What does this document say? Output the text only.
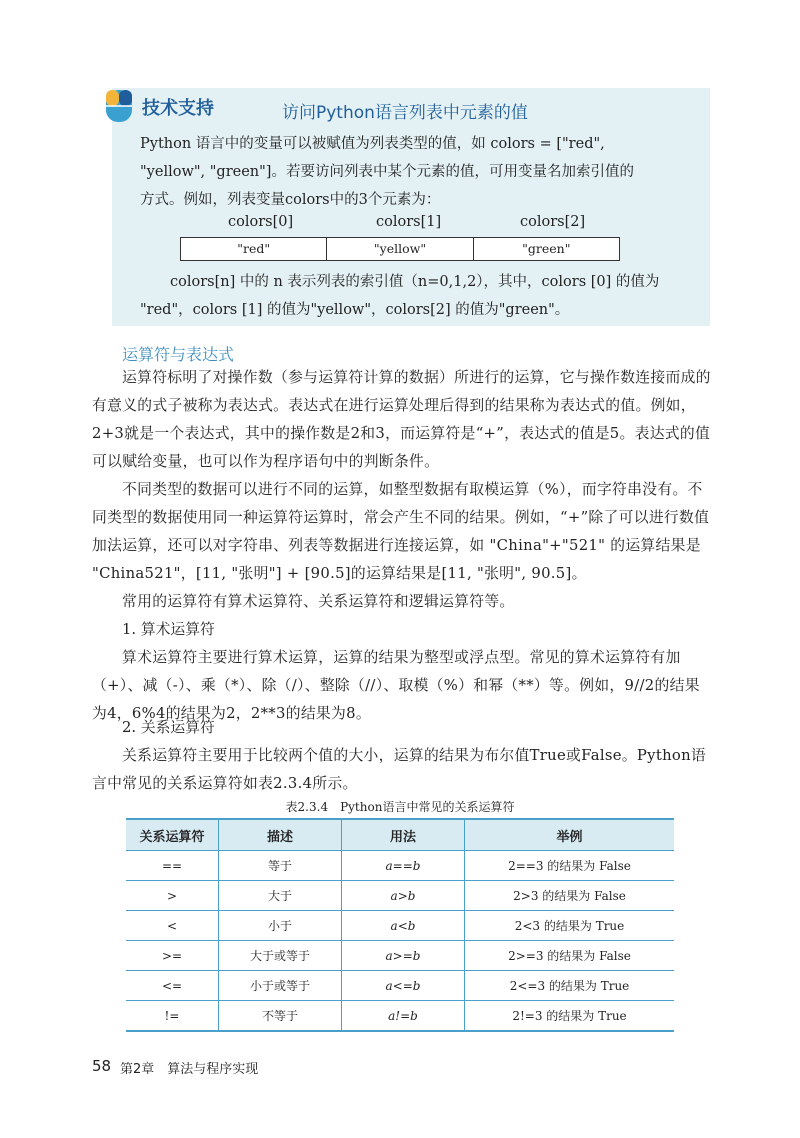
技术支持	访问Python语言列表中元素的值
Python 语言中的变量可以被赋值为列表类型的值，如 colors = ["red",
"yellow", "green"]。若要访问列表中某个元素的值，可用变量名加索引值的
方式。例如，列表变量colors中的3个元素为：
colors[0]	colors[1]	colors[2]
"red"	"yellow"	"green"
colors[n] 中的 n 表示列表的索引值（n=0,1,2），其中，colors [0] 的值为
"red"，colors [1] 的值为"yellow"，colors[2] 的值为"green"。
运算符与表达式
运算符标明了对操作数（参与运算符计算的数据）所进行的运算，它与操作数连接而成的有意义的式子被称为表达式。表达式在进行运算处理后得到的结果称为表达式的值。例如，2+3就是一个表达式，其中的操作数是2和3，而运算符是“+”，表达式的值是5。表达式的值可以赋给变量，也可以作为程序语句中的判断条件。
不同类型的数据可以进行不同的运算，如整型数据有取模运算（%），而字符串没有。不同类型的数据使用同一种运算符运算时，常会产生不同的结果。例如，“+”除了可以进行数值加法运算，还可以对字符串、列表等数据进行连接运算，如 "China"+"521" 的运算结果是 "China521"，[11, "张明"] + [90.5]的运算结果是[11, "张明", 90.5]。
常用的运算符有算术运算符、关系运算符和逻辑运算符等。
1. 算术运算符
算术运算符主要进行算术运算，运算的结果为整型或浮点型。常见的算术运算符有加（+）、减（-）、乘（*）、除（/）、整除（//）、取模（%）和幂（**）等。例如，9//2的结果为4，6%4的结果为2，2**3的结果为8。
2. 关系运算符
关系运算符主要用于比较两个值的大小，运算的结果为布尔值True或False。Python语言中常见的关系运算符如表2.3.4所示。
表2.3.4　Python语言中常见的关系运算符
关系运算符	描述	用法	举例
==	等于	a==b	2==3 的结果为 False
>	大于	a>b	2>3 的结果为 False
<	小于	a<b	2<3 的结果为 True
>=	大于或等于	a>=b	2>=3 的结果为 False
<=	小于或等于	a<=b	2<=3 的结果为 True
!=	不等于	a!=b	2!=3 的结果为 True
58 第2章　算法与程序实现
